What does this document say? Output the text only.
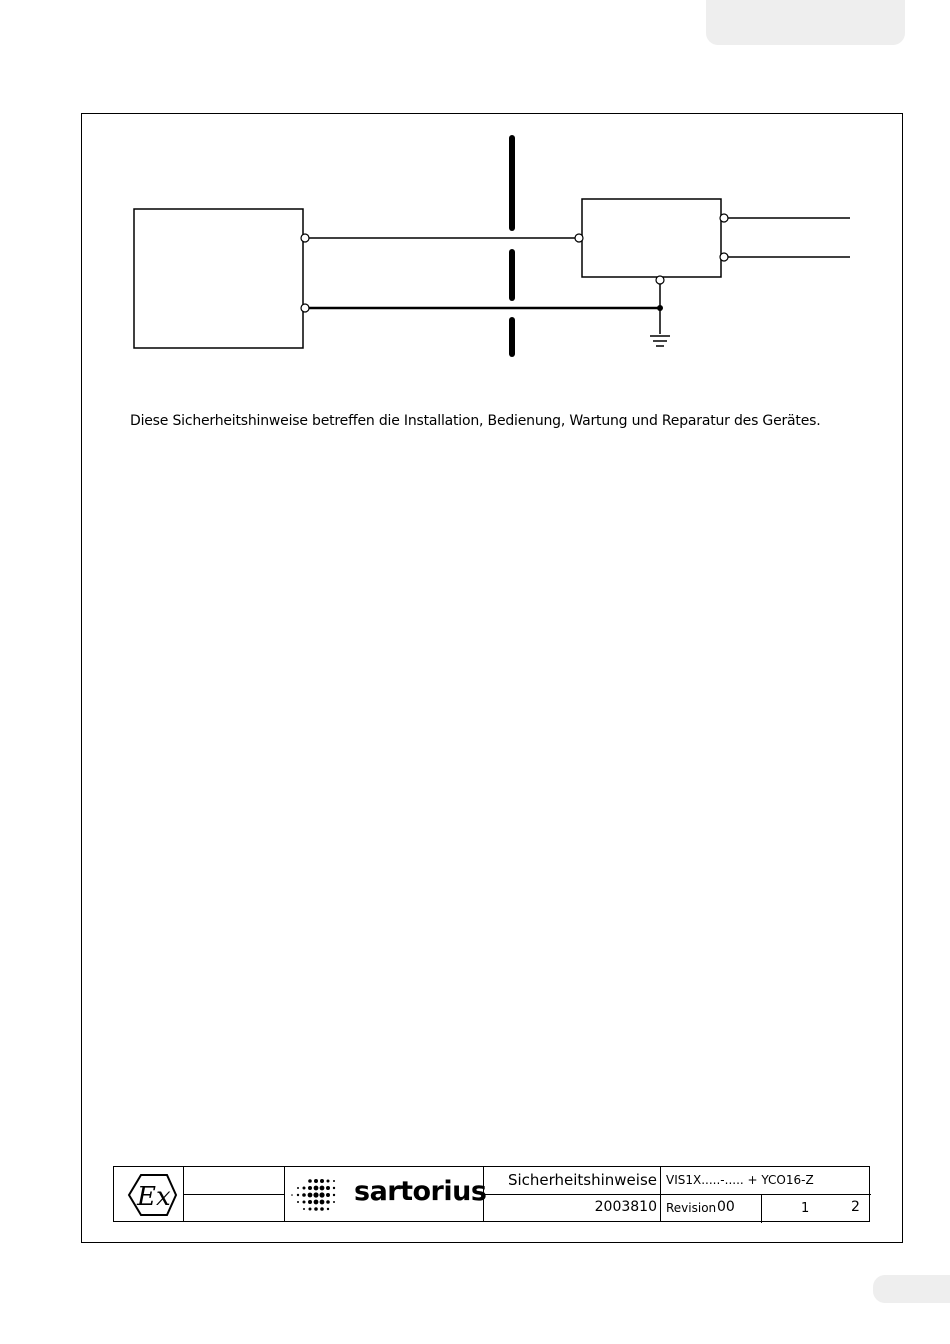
Diese Sicherheitshinweise betreffen die Installation, Bedienung, Wartung und Reparatur des Gerätes.
Ex	sartorius	Sicherheitshinweise VIS1X.....-..... + YCO16-Z
2003810 Revision 00	1	2
